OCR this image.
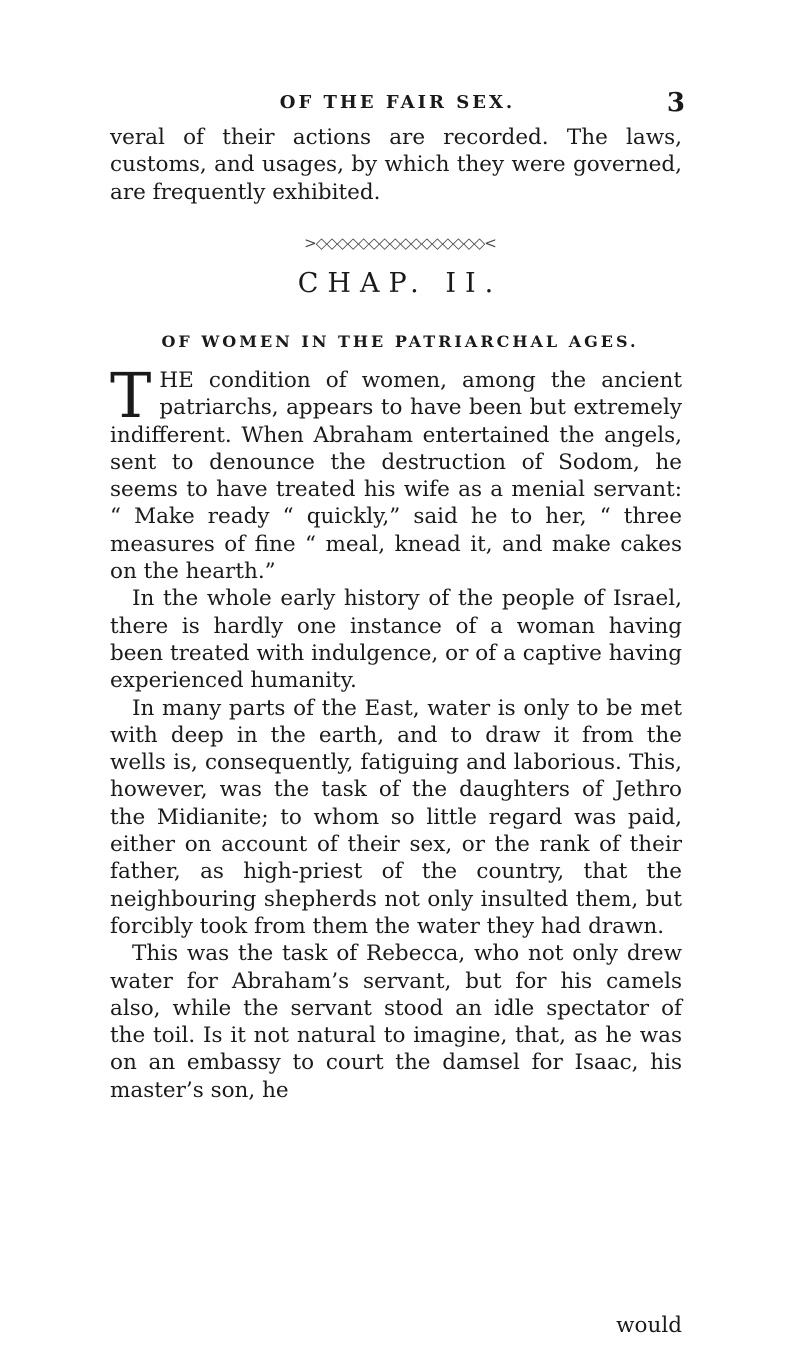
OF THE FAIR SEX.	3

veral of their actions are recorded. The laws, customs, and usages, by which they were governed, are frequently exhibited.

>◇◇◇◇◇◇◇◇◇◇◇◇◇◇◇◇<
CHAP. II.
OF WOMEN IN THE PATRIARCHAL AGES.

THE condition of women, among the ancient patriarchs, appears to have been but extremely indifferent. When Abraham entertained the angels, sent to denounce the destruction of Sodom, he seems to have treated his wife as a menial servant: “ Make ready “ quickly,” said he to her, “ three measures of fine “ meal, knead it, and make cakes on the hearth.”

In the whole early history of the people of Israel, there is hardly one instance of a woman having been treated with indulgence, or of a captive having experienced humanity.

In many parts of the East, water is only to be met with deep in the earth, and to draw it from the wells is, consequently, fatiguing and laborious. This, however, was the task of the daughters of Jethro the Midianite; to whom so little regard was paid, either on account of their sex, or the rank of their father, as high-priest of the country, that the neighbouring shepherds not only insulted them, but forcibly took from them the water they had drawn.

This was the task of Rebecca, who not only drew water for Abraham’s servant, but for his camels also, while the servant stood an idle spectator of the toil. Is it not natural to imagine, that, as he was on an embassy to court the damsel for Isaac, his master’s son, he

would
